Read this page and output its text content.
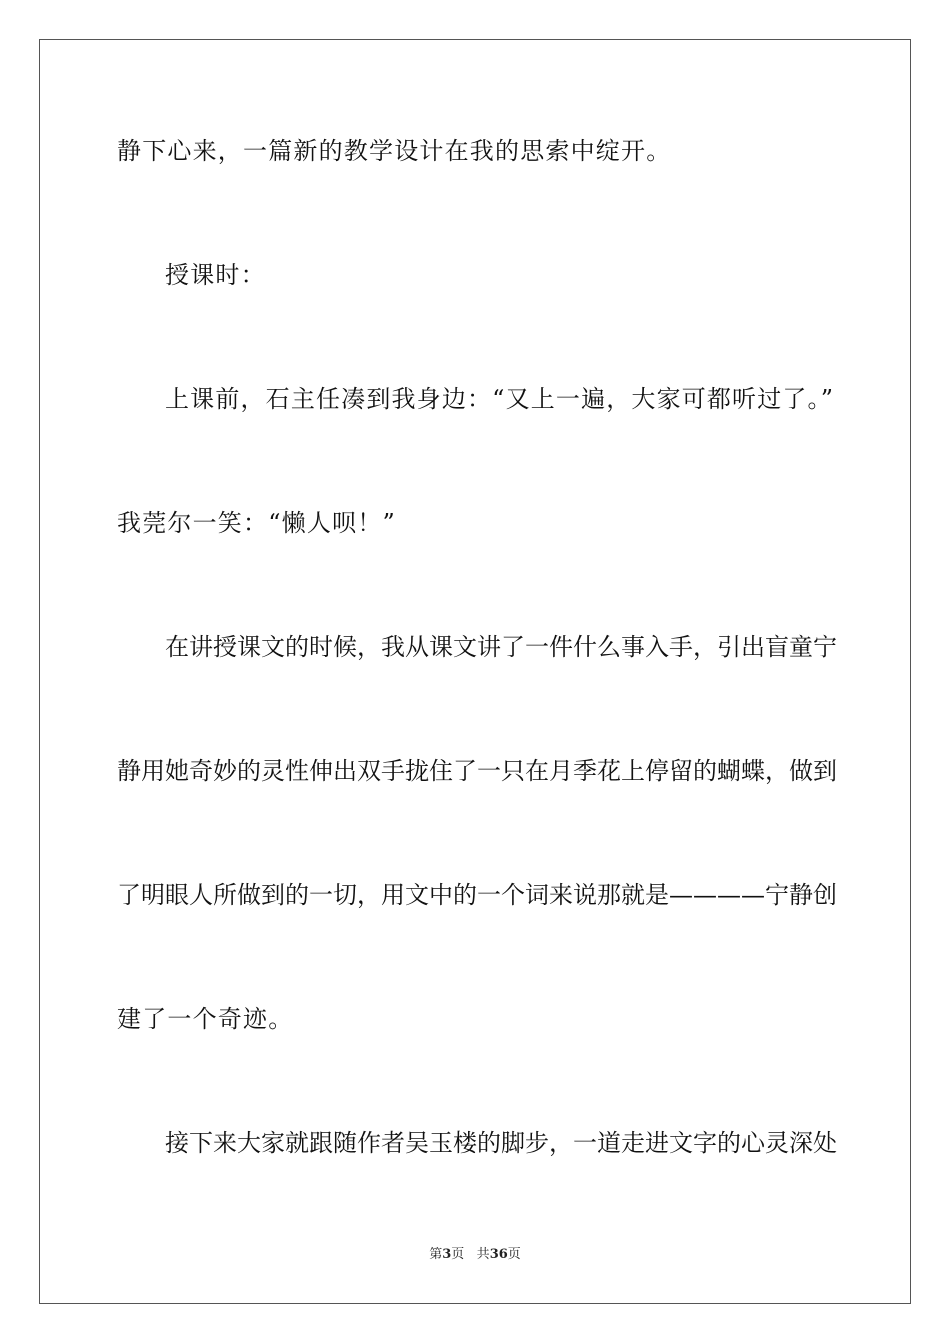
静下心来，一篇新的教学设计在我的思索中绽开。
授课时：
上课前，石主任凑到我身边：“又上一遍，大家可都听过了。”
我莞尔一笑：“懒人呗！”
在讲授课文的时候，我从课文讲了一件什么事入手，引出盲童宁
静用她奇妙的灵性伸出双手拢住了一只在月季花上停留的蝴蝶，做到
了明眼人所做到的一切，用文中的一个词来说那就是————宁静创
建了一个奇迹。
接下来大家就跟随作者吴玉楼的脚步，一道走进文字的心灵深处
第3页 共36页
